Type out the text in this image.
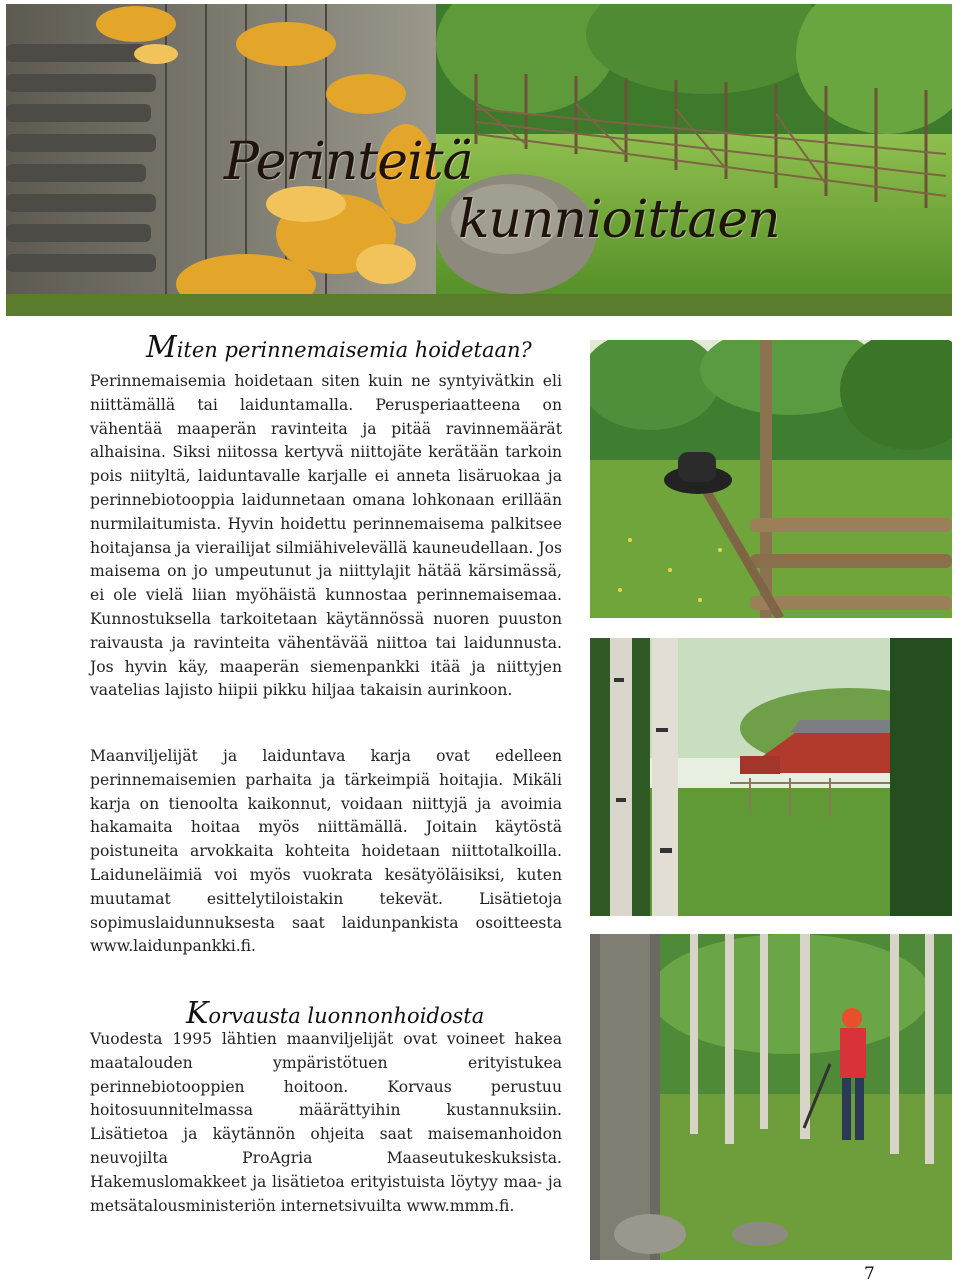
Perinteitä
kunnioittaen
Miten perinnemaisemia hoidetaan?

Perinnemaisemia hoidetaan siten kuin ne syntyivätkin eli niittämällä tai laiduntamalla. Perusperiaatteena on vähentää maaperän ravinteita ja pitää ravinnemäärät alhaisina. Siksi niitossa kertyvä niittojäte kerätään tarkoin pois niityltä, laiduntavalle karjalle ei anneta lisäruokaa ja perinnebiotooppia laidunnetaan omana lohkonaan erillään nurmilaitumista. Hyvin hoidettu perinnemaisema palkitsee hoitajansa ja vierailijat silmiähivelevällä kauneudellaan. Jos maisema on jo umpeutunut ja niittylajit hätää kärsimässä, ei ole vielä liian myöhäistä kunnostaa perinnemaisemaa. Kunnostuksella tarkoitetaan käytännössä nuoren puuston raivausta ja ravinteita vähentävää niittoa tai laidunnusta. Jos hyvin käy, maaperän siemenpankki itää ja niittyjen vaatelias lajisto hiipii pikku hiljaa takaisin aurinkoon.

Maanviljelijät ja laiduntava karja ovat edelleen perinnemaisemien parhaita ja tärkeimpiä hoitajia. Mikäli karja on tienoolta kaikonnut, voidaan niittyjä ja avoimia hakamaita hoitaa myös niittämällä. Joitain käytöstä poistuneita arvokkaita kohteita hoidetaan niittotalkoilla. Laiduneläimiä voi myös vuokrata kesätyöläisiksi, kuten muutamat esittelytiloistakin tekevät. Lisätietoja sopimuslaidunnuksesta saat laidunpankista osoitteesta www.laidunpankki.fi.

Korvausta luonnonhoidosta

Vuodesta 1995 lähtien maanviljelijät ovat voineet hakea maatalouden ympäristötuen erityistukea perinnebiotooppien hoitoon. Korvaus perustuu hoitosuunnitelmassa määrättyihin kustannuksiin. Lisätietoa ja käytännön ohjeita saat maisemanhoidon neuvojilta ProAgria Maaseutukeskuksista. Hakemuslomakkeet ja lisätietoa erityistuista löytyy maa- ja metsätalousministeriön internetsivuilta www.mmm.fi.

7
